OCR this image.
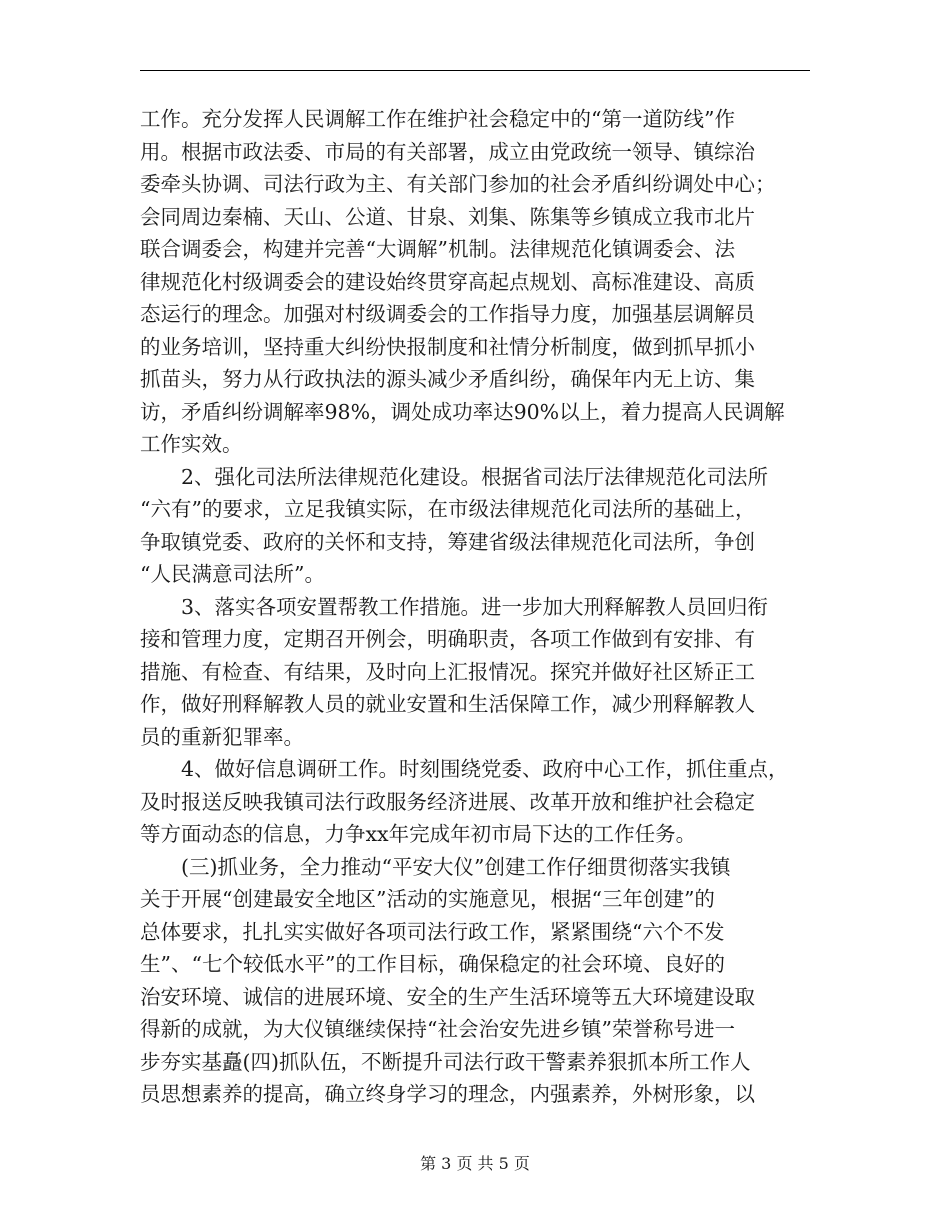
工作。充分发挥人民调解工作在维护社会稳定中的“第一道防线”作
用。根据市政法委、市局的有关部署，成立由党政统一领导、镇综治
委牵头协调、司法行政为主、有关部门参加的社会矛盾纠纷调处中心；
会同周边秦楠、天山、公道、甘泉、刘集、陈集等乡镇成立我市北片
联合调委会，构建并完善“大调解”机制。法律规范化镇调委会、法
律规范化村级调委会的建设始终贯穿高起点规划、高标准建设、高质
态运行的理念。加强对村级调委会的工作指导力度，加强基层调解员
的业务培训，坚持重大纠纷快报制度和社情分析制度，做到抓早抓小
抓苗头，努力从行政执法的源头减少矛盾纠纷，确保年内无上访、集
访，矛盾纠纷调解率98%，调处成功率达90%以上，着力提高人民调解
工作实效。
2、强化司法所法律规范化建设。根据省司法厅法律规范化司法所
“六有”的要求，立足我镇实际，在市级法律规范化司法所的基础上，
争取镇党委、政府的关怀和支持，筹建省级法律规范化司法所，争创
“人民满意司法所”。
3、落实各项安置帮教工作措施。进一步加大刑释解教人员回归衔
接和管理力度，定期召开例会，明确职责，各项工作做到有安排、有
措施、有检查、有结果，及时向上汇报情况。探究并做好社区矫正工
作，做好刑释解教人员的就业安置和生活保障工作，减少刑释解教人
员的重新犯罪率。
4、做好信息调研工作。时刻围绕党委、政府中心工作，抓住重点，
及时报送反映我镇司法行政服务经济进展、改革开放和维护社会稳定
等方面动态的信息，力争xx年完成年初市局下达的工作任务。
(三)抓业务，全力推动“平安大仪”创建工作仔细贯彻落实我镇
关于开展“创建最安全地区”活动的实施意见，根据“三年创建”的
总体要求，扎扎实实做好各项司法行政工作，紧紧围绕“六个不发
生”、“七个较低水平”的工作目标，确保稳定的社会环境、良好的
治安环境、诚信的进展环境、安全的生产生活环境等五大环境建设取
得新的成就，为大仪镇继续保持“社会治安先进乡镇”荣誉称号进一
步夯实基矗(四)抓队伍，不断提升司法行政干警素养狠抓本所工作人
员思想素养的提高，确立终身学习的理念，内强素养，外树形象，以
第 3 页 共 5 页
